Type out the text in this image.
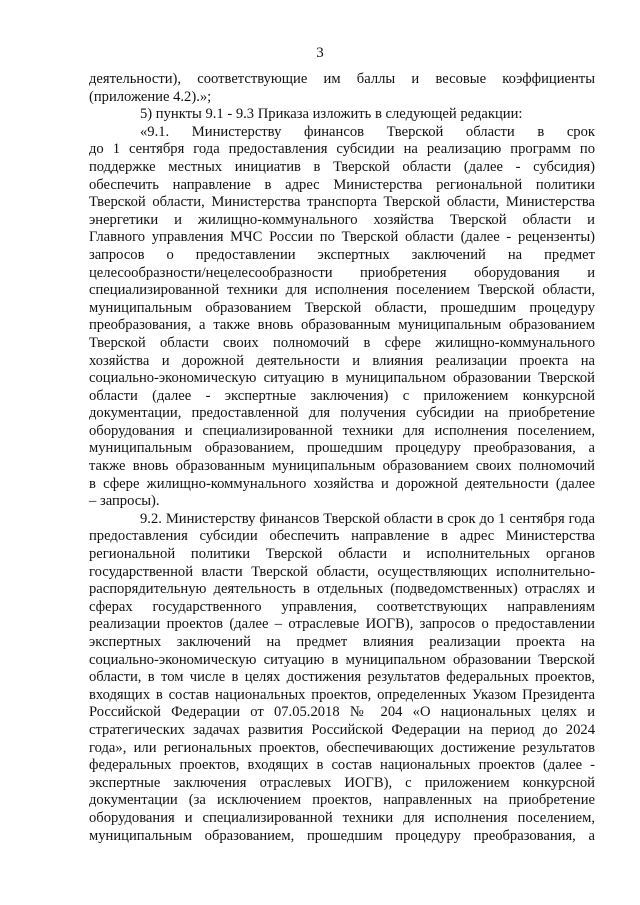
3
деятельности), соответствующие им баллы и весовые коэффициенты
(приложение 4.2).»;
5) пункты 9.1 - 9.3 Приказа изложить в следующей редакции:
«9.1. Министерству финансов Тверской области в срок
до 1 сентября года предоставления субсидии на реализацию программ по
поддержке местных инициатив в Тверской области (далее - субсидия)
обеспечить направление в адрес Министерства региональной политики
Тверской области, Министерства транспорта Тверской области, Министерства
энергетики и жилищно-коммунального хозяйства Тверской области и
Главного управления МЧС России по Тверской области (далее - рецензенты)
запросов о предоставлении экспертных заключений на предмет
целесообразности/нецелесообразности приобретения оборудования и
специализированной техники для исполнения поселением Тверской области,
муниципальным образованием Тверской области, прошедшим процедуру
преобразования, а также вновь образованным муниципальным образованием
Тверской области своих полномочий в сфере жилищно-коммунального
хозяйства и дорожной деятельности и влияния реализации проекта на
социально-экономическую ситуацию в муниципальном образовании Тверской
области (далее - экспертные заключения) с приложением конкурсной
документации, предоставленной для получения субсидии на приобретение
оборудования и специализированной техники для исполнения поселением,
муниципальным образованием, прошедшим процедуру преобразования, а
также вновь образованным муниципальным образованием своих полномочий
в сфере жилищно-коммунального хозяйства и дорожной деятельности (далее
– запросы).
9.2. Министерству финансов Тверской области в срок до 1 сентября года
предоставления субсидии обеспечить направление в адрес Министерства
региональной политики Тверской области и исполнительных органов
государственной власти Тверской области, осуществляющих исполнительно-
распорядительную деятельность в отдельных (подведомственных) отраслях и
сферах государственного управления, соответствующих направлениям
реализации проектов (далее – отраслевые ИОГВ), запросов о предоставлении
экспертных заключений на предмет влияния реализации проекта на
социально-экономическую ситуацию в муниципальном образовании Тверской
области, в том числе в целях достижения результатов федеральных проектов,
входящих в состав национальных проектов, определенных Указом Президента
Российской Федерации от 07.05.2018 № 204 «О национальных целях и
стратегических задачах развития Российской Федерации на период до 2024
года», или региональных проектов, обеспечивающих достижение результатов
федеральных проектов, входящих в состав национальных проектов (далее -
экспертные заключения отраслевых ИОГВ), с приложением конкурсной
документации (за исключением проектов, направленных на приобретение
оборудования и специализированной техники для исполнения поселением,
муниципальным образованием, прошедшим процедуру преобразования, а
